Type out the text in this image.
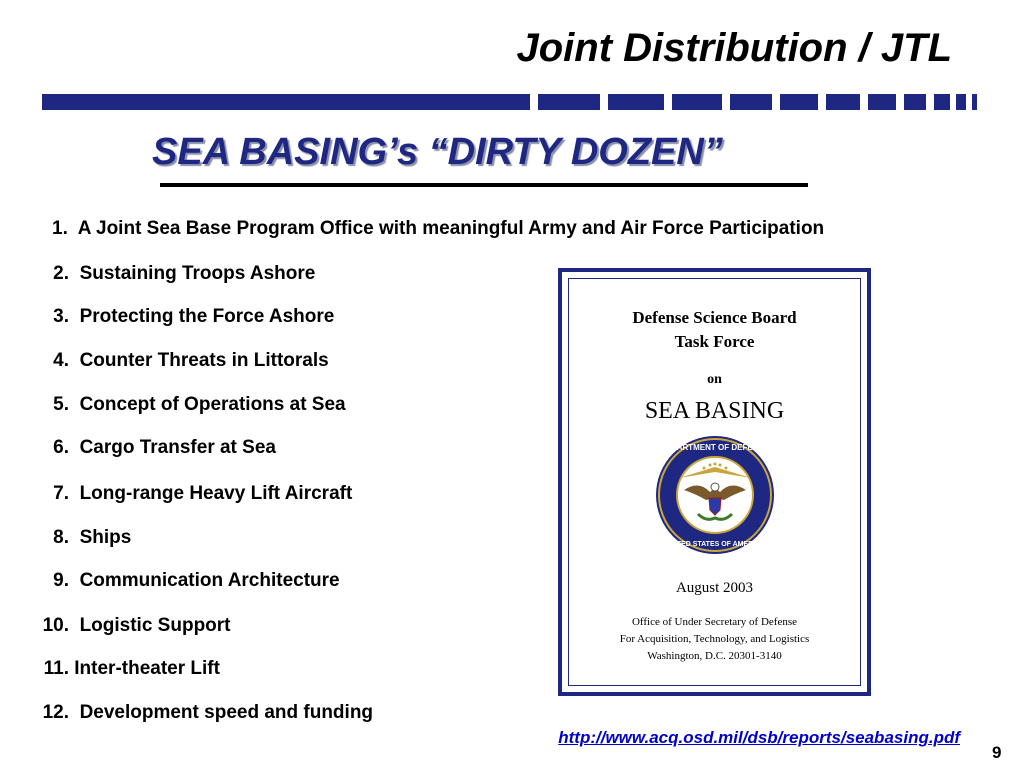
Joint Distribution / JTL
SEA BASING’s “DIRTY DOZEN”
1. A Joint Sea Base Program Office with meaningful Army and Air Force Participation
2. Sustaining Troops Ashore
3. Protecting the Force Ashore
4. Counter Threats in Littorals
5. Concept of Operations at Sea
6. Cargo Transfer at Sea
7. Long-range Heavy Lift Aircraft
8. Ships
9. Communication Architecture
10. Logistic Support
11. Inter-theater Lift
12. Development speed and funding
Defense Science Board
Task Force
on
SEA BASING
DEPARTMENT OF DEFENSE
UNITED STATES OF AMERICA
August 2003
Office of Under Secretary of Defense
For Acquisition, Technology, and Logistics
Washington, D.C. 20301-3140
http://www.acq.osd.mil/dsb/reports/seabasing.pdf
9
